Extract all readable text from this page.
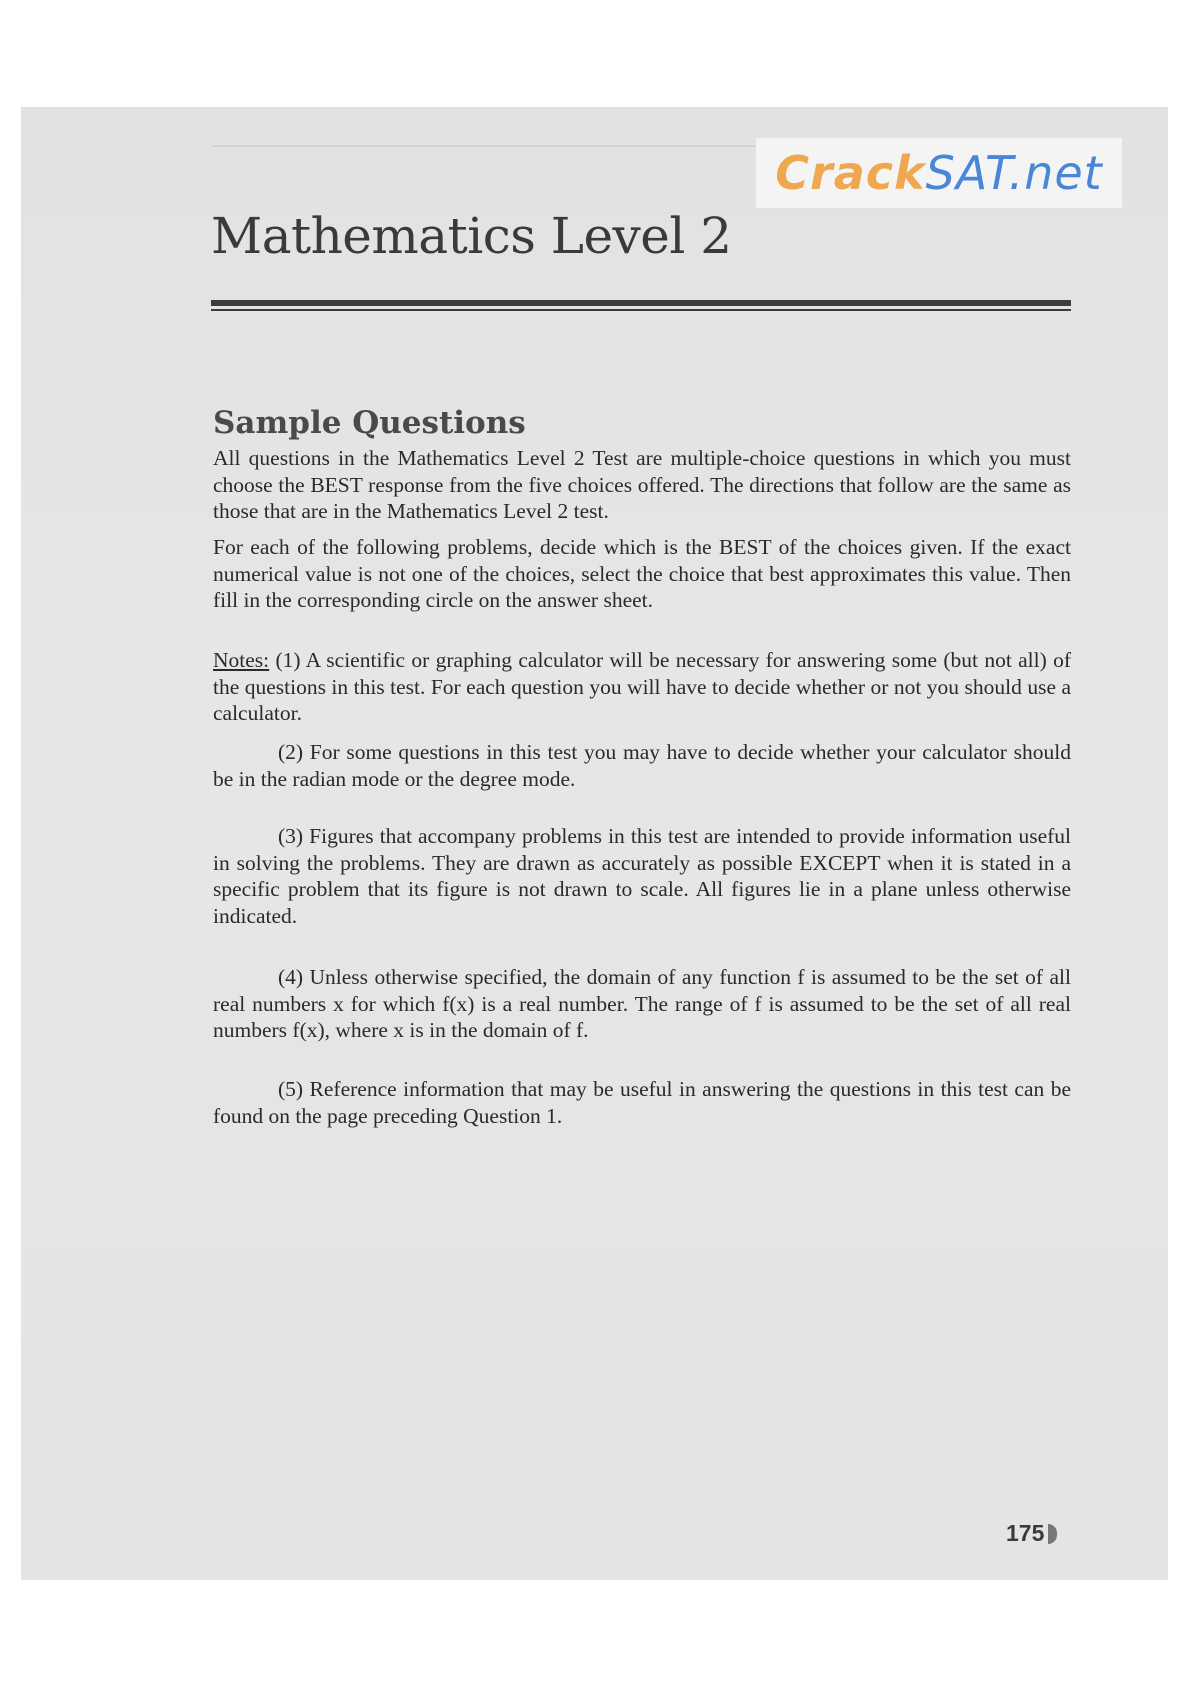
Crack SAT.net
Mathematics Level 2
Sample Questions

All questions in the Mathematics Level 2 Test are multiple-choice questions in which you must choose the BEST response from the five choices offered. The directions that follow are the same as those that are in the Mathematics Level 2 test.

For each of the following problems, decide which is the BEST of the choices given. If the exact numerical value is not one of the choices, select the choice that best approximates this value. Then fill in the corresponding circle on the answer sheet.

Notes: (1) A scientific or graphing calculator will be necessary for answering some (but not all) of the questions in this test. For each question you will have to decide whether or not you should use a calculator.

(2) For some questions in this test you may have to decide whether your calculator should be in the radian mode or the degree mode.

(3) Figures that accompany problems in this test are intended to provide information useful in solving the problems. They are drawn as accurately as possible EXCEPT when it is stated in a specific problem that its figure is not drawn to scale. All figures lie in a plane unless otherwise indicated.

(4) Unless otherwise specified, the domain of any function f is assumed to be the set of all real numbers x for which f(x) is a real number. The range of f is assumed to be the set of all real numbers f(x), where x is in the domain of f.

(5) Reference information that may be useful in answering the questions in this test can be found on the page preceding Question 1.

175
